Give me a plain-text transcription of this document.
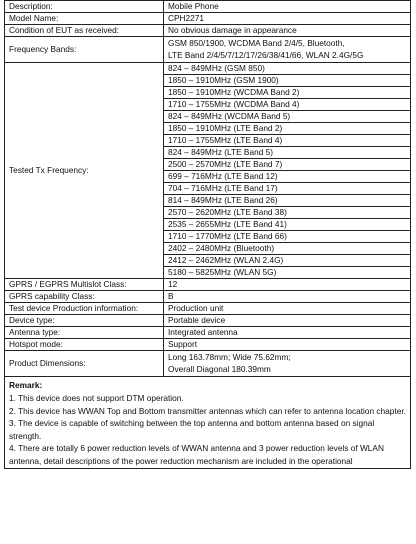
Description:	Mobile Phone
Model Name:	CPH2271
Condition of EUT as received:	No obvious damage in appearance
Frequency Bands:	GSM 850/1900, WCDMA Band 2/4/5, Bluetooth,
LTE Band 2/4/5/7/12/17/26/38/41/66, WLAN 2.4G/5G

Tested Tx Frequency:	824 – 849MHz (GSM 850)
	1850 – 1910MHz (GSM 1900)
	1850 – 1910MHz (WCDMA Band 2)
	1710 – 1755MHz (WCDMA Band 4)
	824 – 849MHz (WCDMA Band 5)
	1850 – 1910MHz (LTE Band 2)
	1710 – 1755MHz (LTE Band 4)
	824 – 849MHz (LTE Band 5)
	2500 – 2570MHz (LTE Band 7)
	699 – 716MHz (LTE Band 12)
	704 – 716MHz (LTE Band 17)
	814 – 849MHz (LTE Band 26)
	2570 – 2620MHz (LTE Band 38)
	2535 – 2655MHz (LTE Band 41)
	1710 – 1770MHz (LTE Band 66)
	2402 – 2480MHz (Bluetooth)
	2412 – 2462MHz (WLAN 2.4G)
	5180 – 5825MHz (WLAN 5G)
GPRS / EGPRS Multislot Class:	12
GPRS capability Class:	B
Test device Production information:	Production unit
Device type:	Portable device
Antenna type:	Integrated antenna
Hotspot mode:	Support
Product Dimensions:	Long 163.78mm; Wide 75.62mm;
Overall Diagonal 180.39mm

Remark:
1. This device does not support DTM operation.
2. This device has WWAN Top and Bottom transmitter antennas which can refer to antenna location chapter.
3. The device is capable of switching between the top antenna and bottom antenna based on signal strength.
4. There are totally 6 power reduction levels of WWAN antenna and 3 power reduction levels of WLAN antenna, detail descriptions of the power reduction mechanism are included in the operational	
